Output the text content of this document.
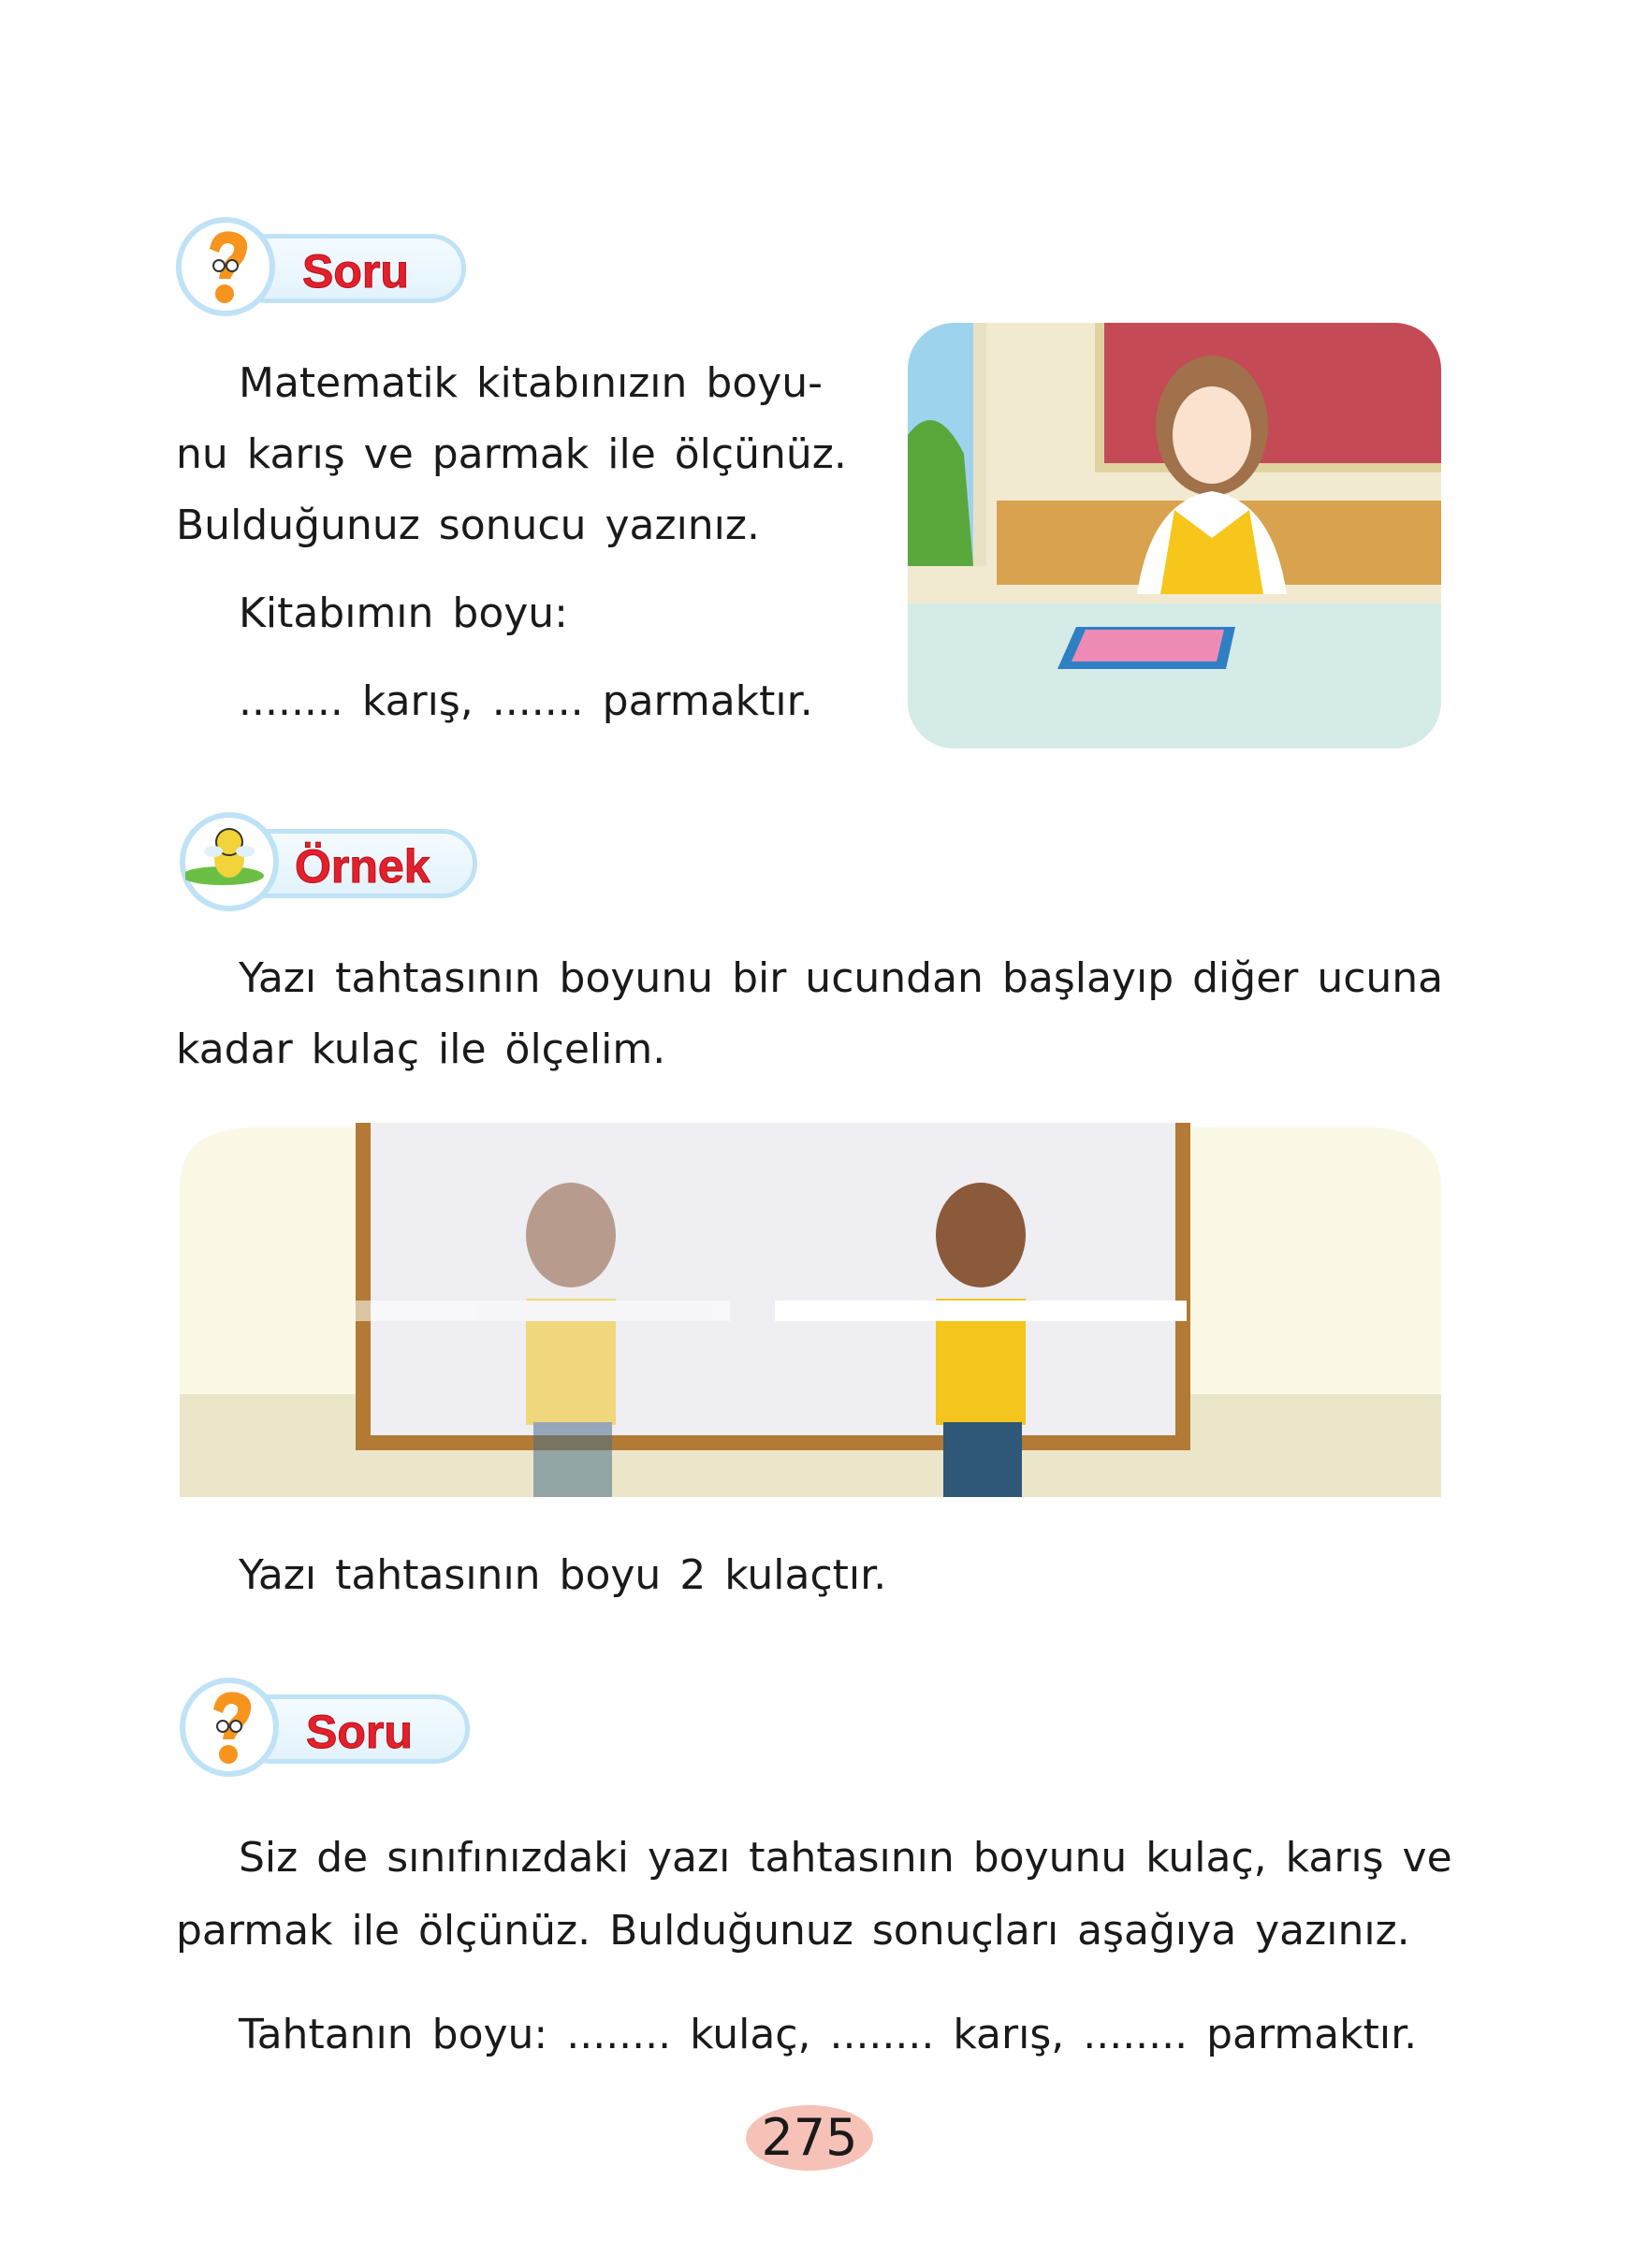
Soru
Matematik kitabınızın boyu-
nu karış ve parmak ile ölçünüz.
Bulduğunuz sonucu yazınız.
Kitabımın boyu:
........ karış, ....... parmaktır.
Örnek
Yazı tahtasının boyunu bir ucundan başlayıp diğer ucuna
kadar kulaç ile ölçelim.
Yazı tahtasının boyu 2 kulaçtır.
Soru
Siz de sınıfınızdaki yazı tahtasının boyunu kulaç, karış ve
parmak ile ölçünüz. Bulduğunuz sonuçları aşağıya yazınız.
Tahtanın boyu: ........ kulaç, ........ karış, ........ parmaktır.
275
